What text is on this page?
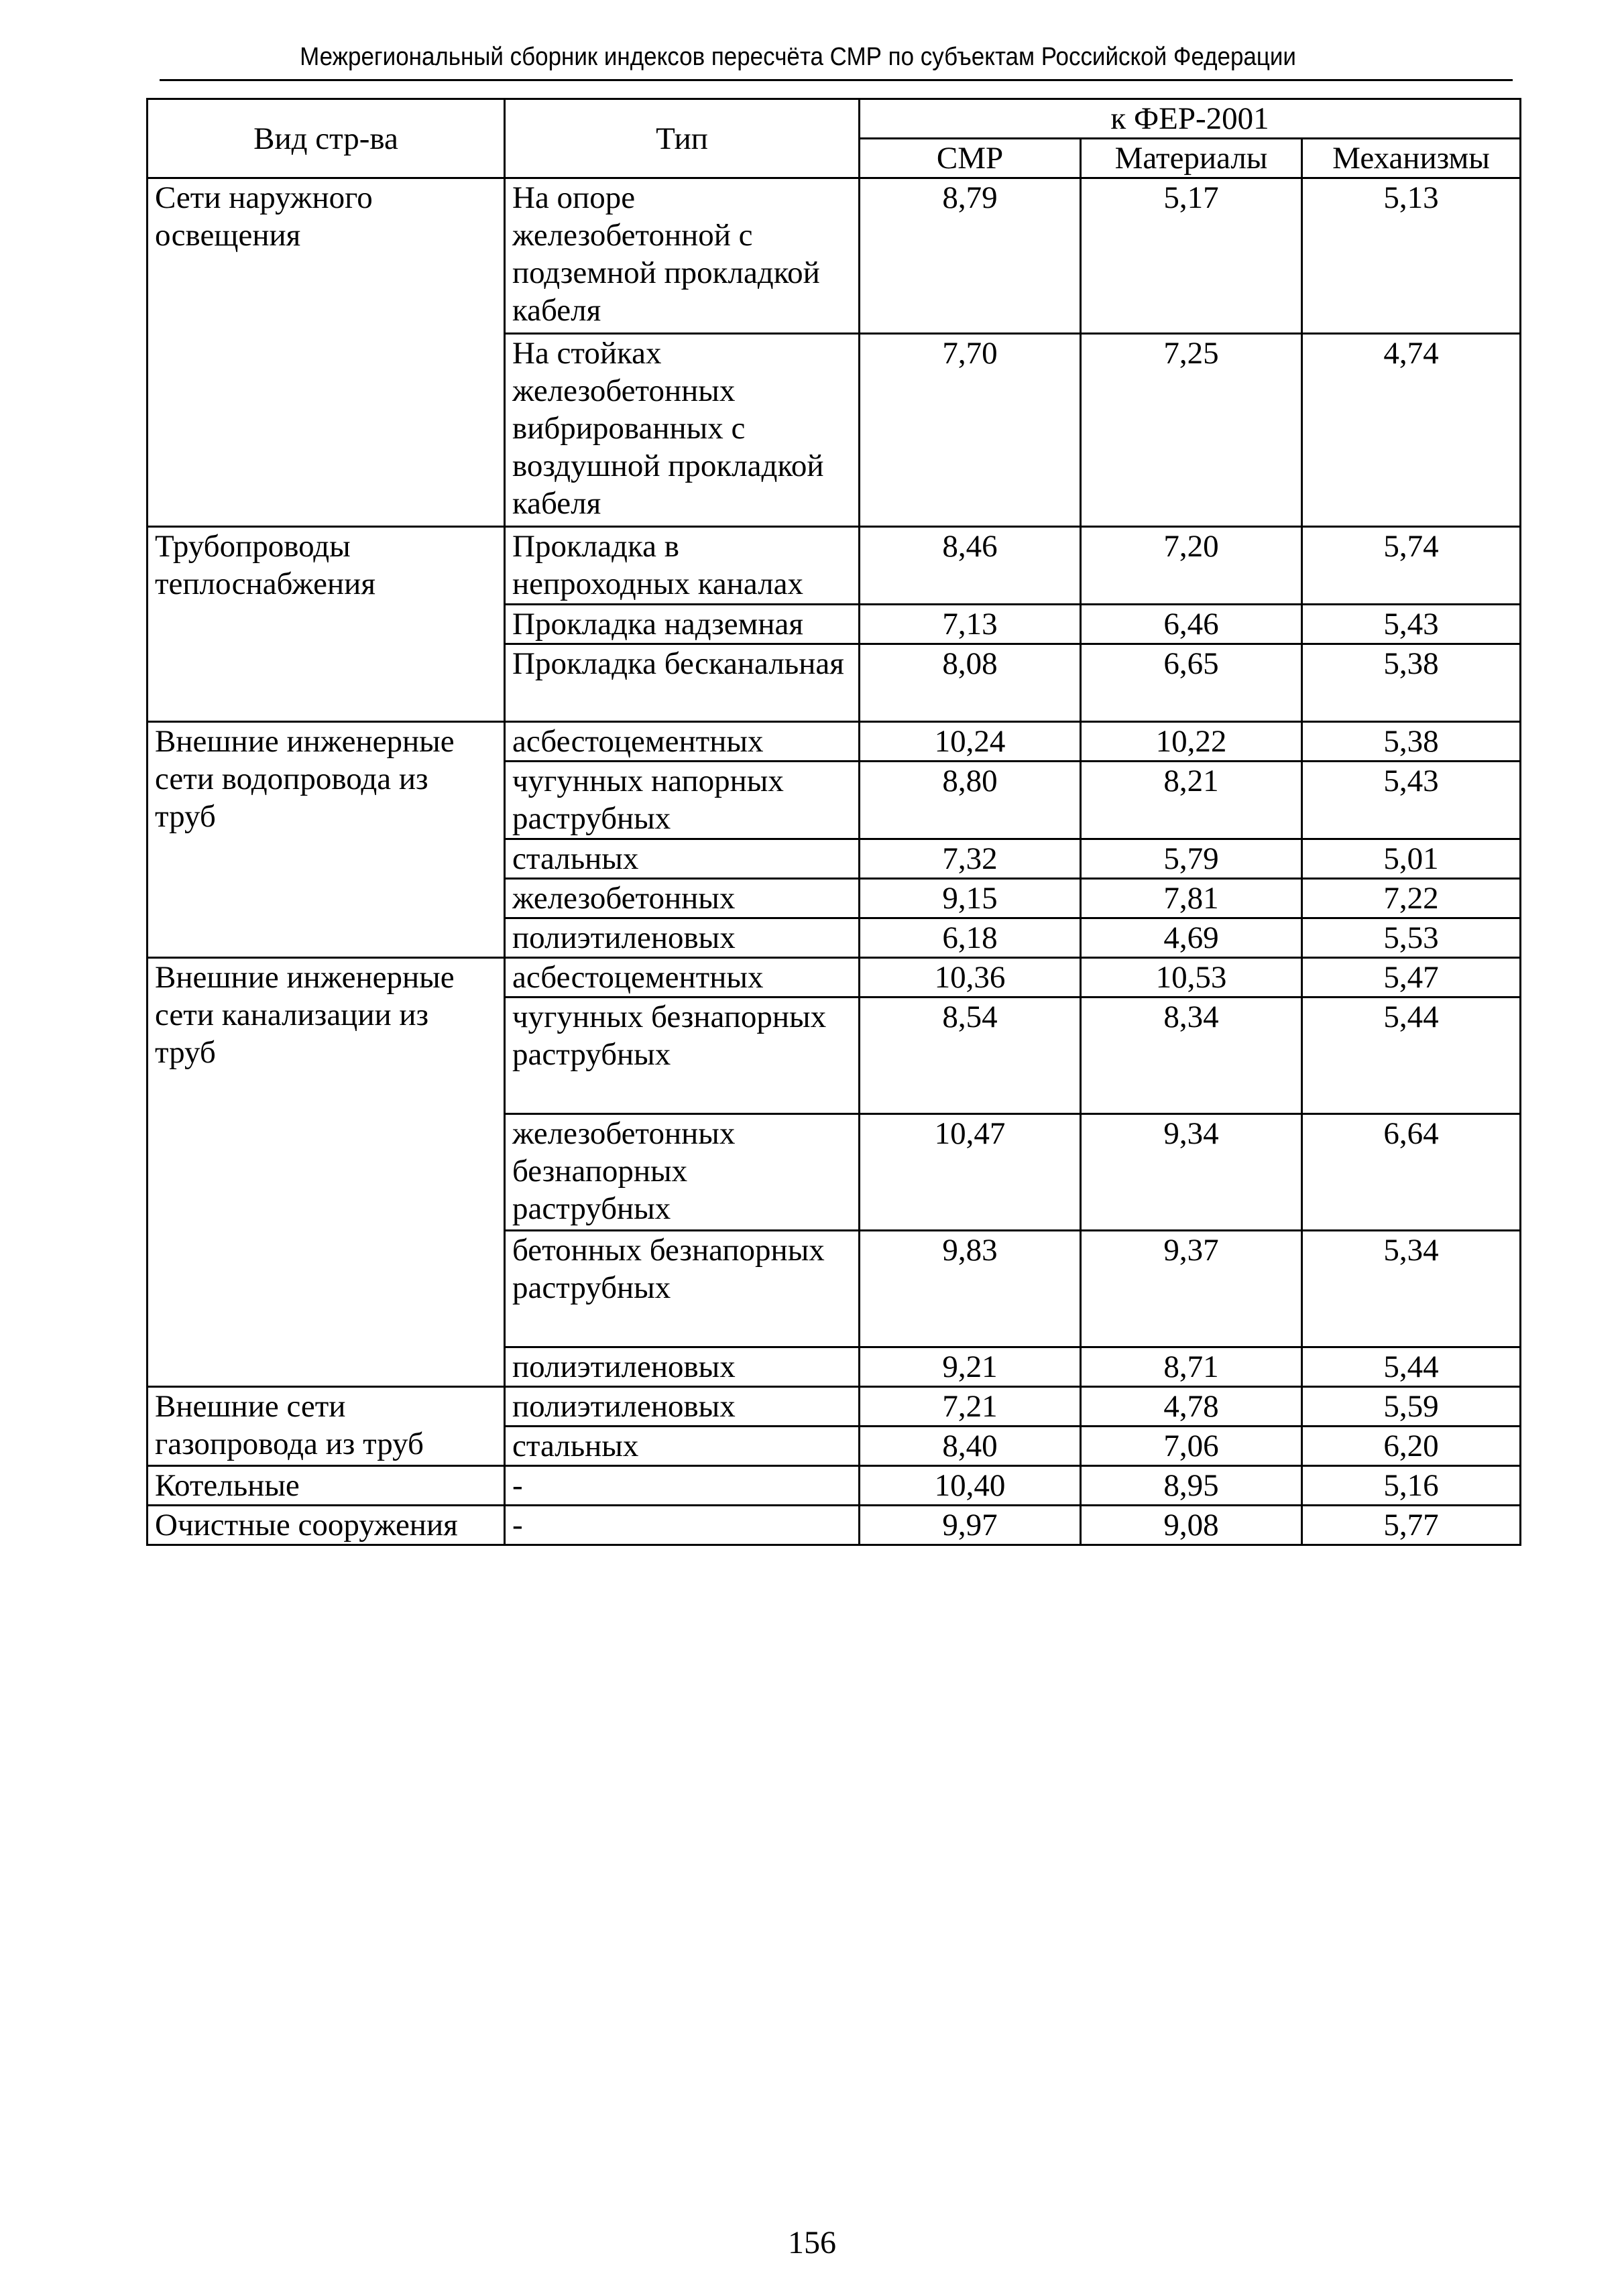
Межрегиональный сборник индексов пересчёта СМР по субъектам Российской Федерации
Вид стр-ва	Тип	к ФЕР-2001		
		СМР	Материалы	Механизмы
Сети наружного освещения	На опоре железобетонной с подземной прокладкой кабеля	8,79	5,17	5,13
	На стойках железобетонных вибрированных с воздушной прокладкой кабеля	7,70	7,25	4,74
Трубопроводы теплоснабжения	Прокладка в непроходных каналах	8,46	7,20	5,74
	Прокладка надземная	7,13	6,46	5,43
	Прокладка бесканальная	8,08	6,65	5,38
Внешние инженерные сети водопровода из труб	асбестоцементных	10,24	10,22	5,38
	чугунных напорных раструбных	8,80	8,21	5,43
	стальных	7,32	5,79	5,01
	железобетонных	9,15	7,81	7,22
	полиэтиленовых	6,18	4,69	5,53
Внешние инженерные сети канализации из труб	асбестоцементных	10,36	10,53	5,47
	чугунных безнапорных раструбных	8,54	8,34	5,44
	железобетонных безнапорных раструбных	10,47	9,34	6,64
	бетонных безнапорных раструбных	9,83	9,37	5,34
	полиэтиленовых	9,21	8,71	5,44
Внешние сети газопровода из труб	полиэтиленовых	7,21	4,78	5,59
	стальных	8,40	7,06	6,20
Котельные	-	10,40	8,95	5,16
Очистные сооружения	-	9,97	9,08	5,77
156
